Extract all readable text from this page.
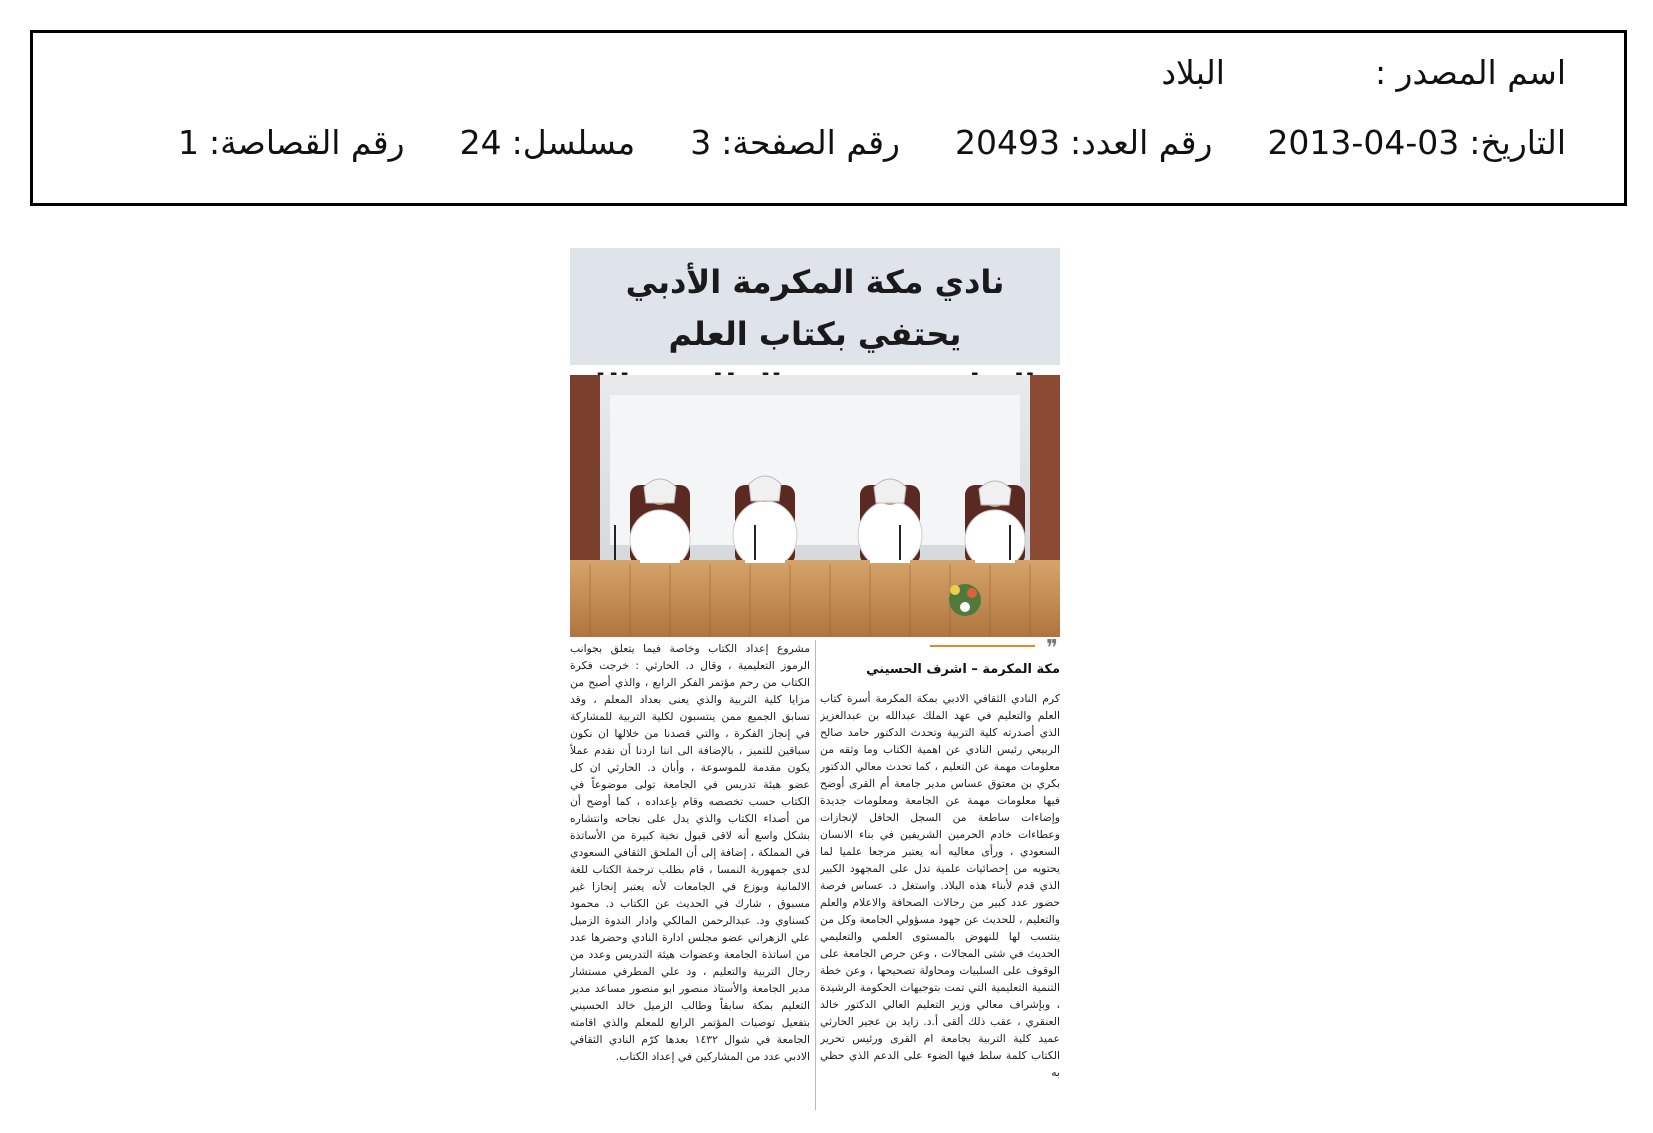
اسم المصدر :
البلاد
التاريخ:
2013-04-03
رقم العدد:
20493
رقم الصفحة:
3
مسلسل:
24
رقم القصاصة:
1
نادي مكة المكرمة الأدبي يحتفي بكتاب العلم
❞
مكة المكرمة – اشرف الحسيني
كرم النادي الثقافي الادبي بمكة المكرمة أسرة كتاب العلم والتعليم في عهد الملك عبدالله بن عبدالعزيز الذي أصدرته كلية التربية وتحدث الدكتور حامد صالح الربيعي رئيس النادي عن اهمية الكتاب وما وثقه من معلومات مهمة عن التعليم ، كما تحدث معالي الدكتور بكري بن معتوق عساس مدير جامعة أم القرى أوضح فيها معلومات مهمة عن الجامعة ومعلومات جديدة وإضاءات ساطعة من السجل الحافل لإنجازات وعطاءات خادم الحرمين الشريفين في بناء الانسان السعودي ، ورأى معاليه أنه يعتبر مرجعا علميا لما يحتويه من إحصائيات علمية تدل على المجهود الكبير الذي قدم لأبناء هذه البلاد. واستغل د. عساس فرصة حضور عدد كبير من رجالات الصحافة والاعلام والعلم والتعليم ، للحديث عن جهود مسؤولي الجامعة وكل من ينتسب لها للنهوض بالمستوى العلمي والتعليمي الحديث في شتى المجالات ، وعن حرص الجامعة على الوقوف على السلبيات ومحاولة تصحيحها ، وعن خطة التنمية التعليمية التي تمت بتوجيهات الحكومة الرشيدة ، وبإشراف معالي وزير التعليم العالي الدكتور خالد العنقري ، عقب ذلك ألقى أ.د. زايد بن عجير الحارثي عميد كلية التربية بجامعة ام القرى ورئيس تحرير الكتاب كلمة سلط فيها الضوء على الدعم الذي حظي به
مشروع إعداد الكتاب وخاصة فيما يتعلق بجوانب الرموز التعليمية ، وقال د. الحارثي : خرجت فكرة الكتاب من رحم مؤتمر الفكر الرابع ، والذي أصبح من مزايا كلية التربية والذي يعنى بعداد المعلم ، وقد تسابق الجميع ممن ينتسبون لكلية التربية للمشاركة في إنجاز الفكرة ، والتي قصدنا من خلالها ان نكون سباقين للتميز ، بالإضافة الى اننا اردنا أن نقدم عملاً يكون مقدمة للموسوعة ، وأبان د. الحارثي ان كل عضو هيئة تدريس في الجامعة تولى موضوعاً في الكتاب حسب تخصصه وقام بإعداده ، كما أوضح أن من أصداء الكتاب والذي يدل على نجاحه وانتشاره بشكل واسع أنه لاقى قبول نخبة كبيرة من الأساتذة في المملكة ، إضافة إلى أن الملحق الثقافي السعودي لدى جمهورية النمسا ، قام بطلب ترجمة الكتاب للغة الالمانية وبوزع في الجامعات لأنه يعتبر إنجازا غير مسبوق ، شارك في الحديث عن الكتاب د. محمود كسناوي ود. عبدالرحمن المالكي وادار الندوة الزميل علي الزهراني عضو مجلس ادارة النادي وحضرها عدد من اساتذة الجامعة وعضوات هيئة التدريس وعدد من رجال التربية والتعليم ، ود علي المطرفي مستشار مدير الجامعة والأستاذ منصور ابو منصور مساعد مدير التعليم بمكة سابقاً وطالب الزميل خالد الحسيني بتفعيل توصيات المؤتمر الرابع للمعلم والذي اقامته الجامعة في شوال ١٤٣٢ بعدها كرّم النادي الثقافي الادبي عدد من المشاركين في إعداد الكتاب.
